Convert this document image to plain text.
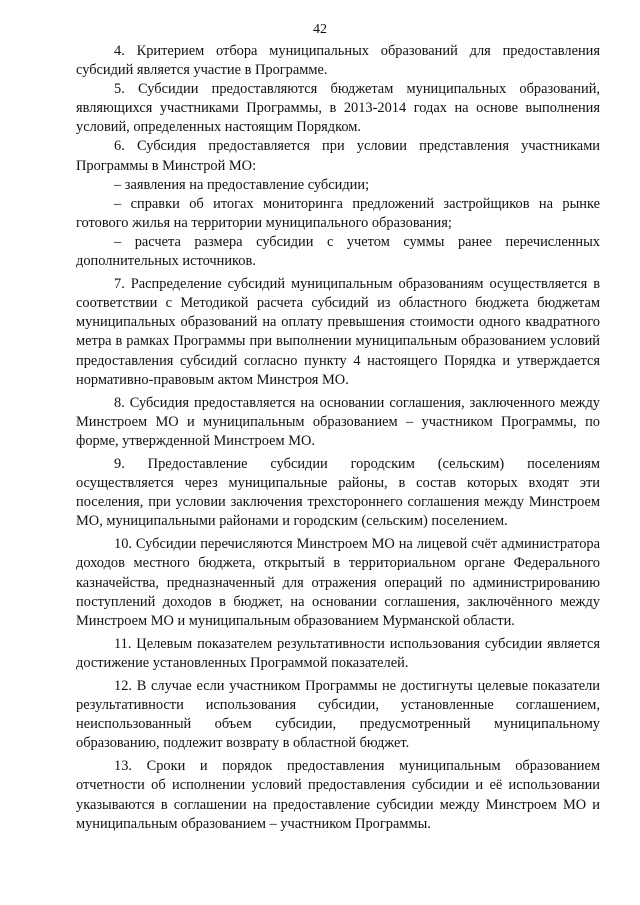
42

4. Критерием отбора муниципальных образований для предоставления субсидий является участие в Программе.

5. Субсидии предоставляются бюджетам муниципальных образований, являющихся участниками Программы, в 2013-2014 годах на основе выполнения условий, определенных настоящим Порядком.

6. Субсидия предоставляется при условии представления участниками Программы в Минстрой МО:

– заявления на предоставление субсидии;

– справки об итогах мониторинга предложений застройщиков на рынке готового жилья на территории муниципального образования;

– расчета размера субсидии с учетом суммы ранее перечисленных дополнительных источников.

7. Распределение субсидий муниципальным образованиям осуществляется в соответствии с Методикой расчета субсидий из областного бюджета бюджетам муниципальных образований на оплату превышения стоимости одного квадратного метра в рамках Программы при выполнении муниципальным образованием условий предоставления субсидий согласно пункту 4 настоящего Порядка и утверждается нормативно-правовым актом Минстроя МО.

8. Субсидия предоставляется на основании соглашения, заключенного между Минстроем МО и муниципальным образованием – участником Программы, по форме, утвержденной Минстроем МО.

9. Предоставление субсидии городским (сельским) поселениям осуществляется через муниципальные районы, в состав которых входят эти поселения, при условии заключения трехстороннего соглашения между Минстроем МО, муниципальными районами и городским (сельским) поселением.

10. Субсидии перечисляются Минстроем МО на лицевой счёт администратора доходов местного бюджета, открытый в территориальном органе Федерального казначейства, предназначенный для отражения операций по администрированию поступлений доходов в бюджет, на основании соглашения, заключённого между Минстроем МО и муниципальным образованием Мурманской области.

11. Целевым показателем результативности использования субсидии является достижение установленных Программой показателей.

12. В случае если участником Программы не достигнуты целевые показатели результативности использования субсидии, установленные соглашением, неиспользованный объем субсидии, предусмотренный муниципальному образованию, подлежит возврату в областной бюджет.

13. Сроки и порядок предоставления муниципальным образованием отчетности об исполнении условий предоставления субсидии и её использовании указываются в соглашении на предоставление субсидии между Минстроем МО и муниципальным образованием – участником Программы.
